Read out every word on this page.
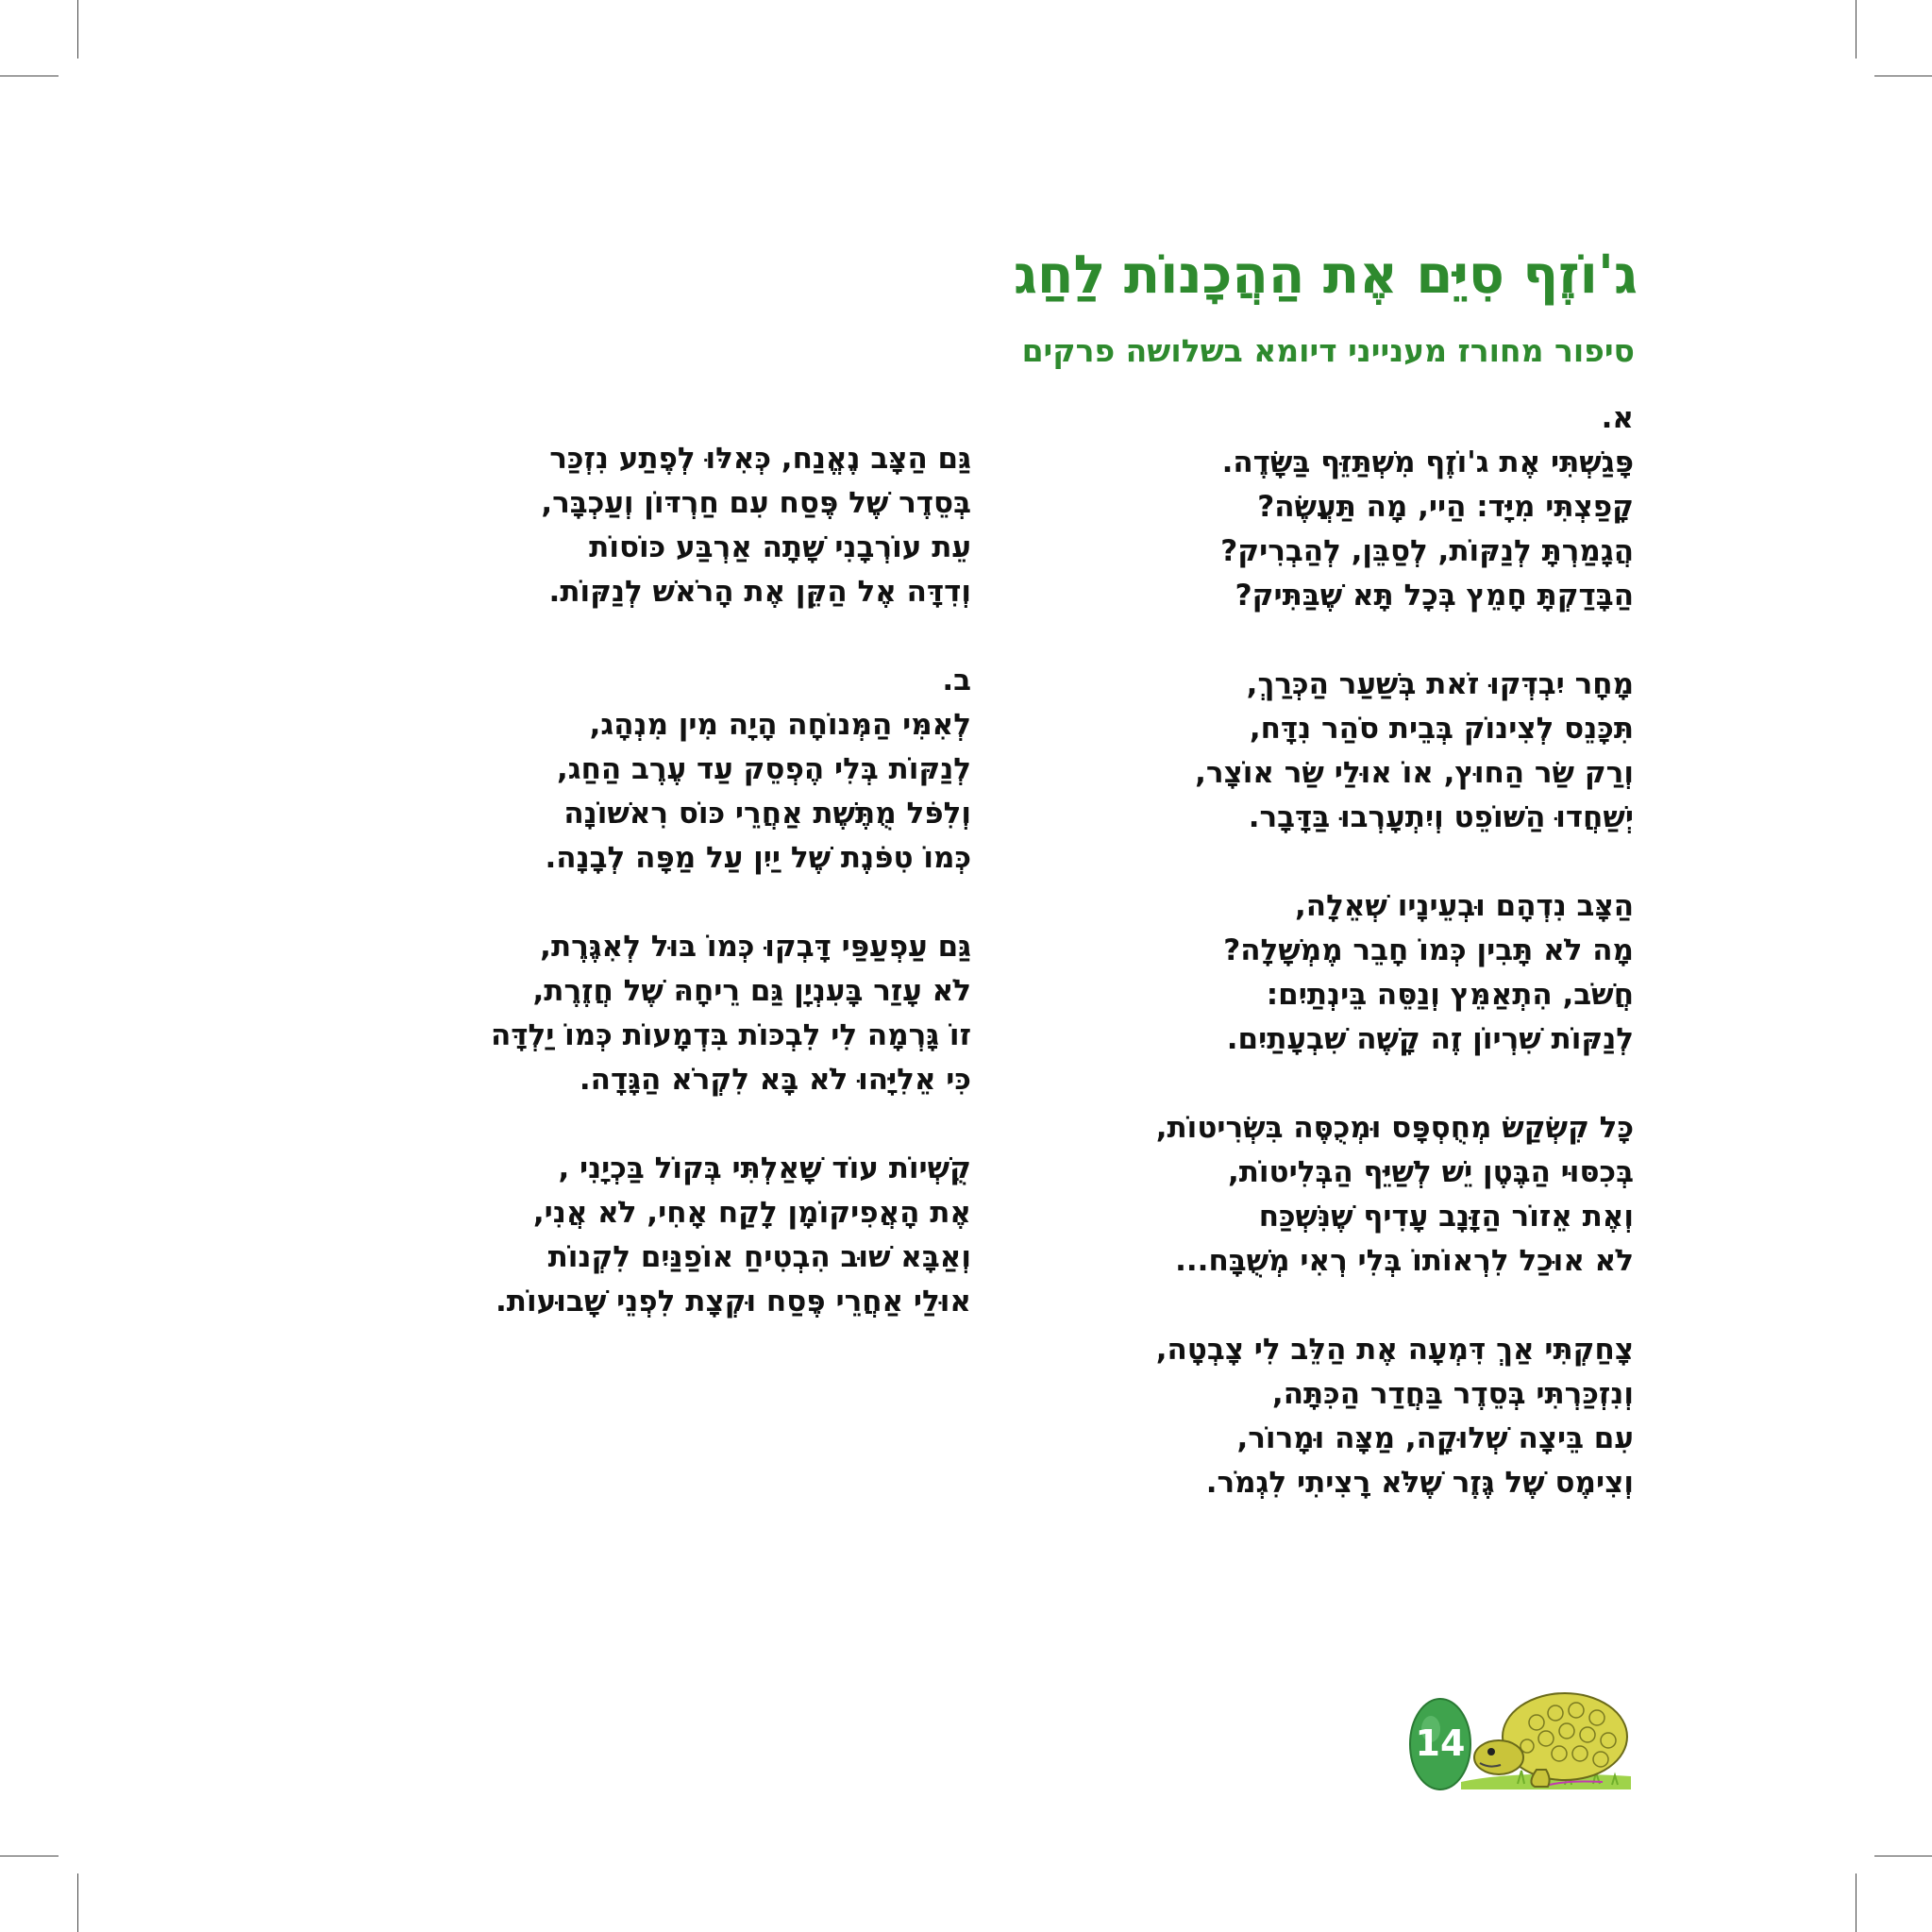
ג'וֹזֶף סִיֵּם אֶת הַהֲכָנוֹת לַחַג
סיפור מחורז מענייני דיומא בשלושה פרקים
א.
פָּגַשְׁתִּי אֶת ג'וֹזֶף מִשְׁתַּזֵּף בַּשָּׂדֶה.
קָפַצְתִּי מִיָּד: הַיי, מָה תַּעֲשֶׂה?
הֲגָמַרְתָּ לְנַקּוֹת, לְסַבֵּן, לְהַבְרִיק?
הַבָּדַקְתָּ חָמֵץ בְּכָל תָּא שֶׁבַּתִּיק?
מָחָר יִבְדְּקוּ זֹאת בְּשַׁעַר הַכְּרַךְ,
תִּכָּנֵס לְצִינוֹק בְּבֵית סֹהַר נִדָּח,
וְרַק שַׂר הַחוּץ, אוֹ אוּלַי שַׂר אוֹצָר,
יְשַׁחֲדוּ הַשּׁוֹפֵט וְיִתְעָרְבוּ בַּדָּבָר.
הַצָּב נִדְהָם וּבְעֵינָיו שְׁאֵלָה,
מָה לֹא תָּבִין כְּמוֹ חָבֵר מֶמְשָׁלָה?
חֲשֹׁב, הִתְאַמֵּץ וְנַסֵּה בֵּינְתַיִם:
לְנַקּוֹת שִׁרְיוֹן זֶה קָשֶׁה שִׁבְעָתַיִם.
כָּל קִשְׂקַשׂ מְחֻסְפָּס וּמְכֻסֶּה בִּשְׂרִיטוֹת,
בְּכִסּוּי הַבֶּטֶן יֵשׁ לְשַׁיֵּף הַבְּלִיטוֹת,
וְאֶת אֵזוֹר הַזָּנָב עָדִיף שֶׁנִּשְׁכַּח
לֹא אוּכַל לִרְאוֹתוֹ בְּלִי רְאִי מְשֻׁבָּח...
צָחַקְתִּי אַךְ דִּמְעָה אֶת הַלֵּב לִי צָבְטָה,
וְנִזְכַּרְתִּי בְּסֵדֶר בַּחֲדַר הַכִּתָּה,
עִם בֵּיצָה שְׁלוּקָה, מַצָּה וּמָרוֹר,
וְצִימֶס שֶׁל גֶּזֶר שֶׁלֹּא רָצִיתִי לִגְמֹר.
גַּם הַצָּב נֶאֱנַח, כְּאִלּוּ לְפֶתַע נִזְכַּר
בְּסֵדֶר שֶׁל פֶּסַח עִם חַרְדּוֹן וְעַכְבָּר,
עֵת עוֹרְבָנִי שָׁתָה אַרְבַּע כּוֹסוֹת
וְדִדָּה אֶל הַקֵּן אֶת הָרֹאשׁ לְנַקּוֹת.
ב.
לְאִמִּי הַמְּנוֹחָה הָיָה מִין מִנְהָג,
לְנַקּוֹת בְּלִי הֶפְסֵק עַד עֶרֶב הַחַג,
וְלִפֹּל מֻתֶּשֶׁת אַחֲרֵי כּוֹס רִאשׁוֹנָה
כְּמוֹ טִפֹּנֶת שֶׁל יַיִן עַל מַפָּה לְבָנָה.
גַּם עַפְעַפַּי דָּבְקוּ כְּמוֹ בּוּל לְאִגֶּרֶת,
לֹא עָזַר בָּעִנְיָן גַּם רֵיחָהּ שֶׁל חֲזֶרֶת,
זוֹ גָּרְמָה לִי לִבְכּוֹת בִּדְמָעוֹת כְּמוֹ יַלְדָּה
כִּי אֵלִיָּהוּ לֹא בָּא לִקְרֹא הַגָּדָה.
קֻשְׁיוֹת עוֹד שָׁאַלְתִּי בְּקוֹל בַּכְיָנִי ,
אֶת הָאֲפִיקוֹמָן לָקַח אָחִי, לֹא אֲנִי,
וְאַבָּא שׁוּב הִבְטִיחַ אוֹפַנַּיִם לִקְנוֹת
אוּלַי אַחֲרֵי פֶּסַח וּקְצָת לִפְנֵי שָׁבוּעוֹת.
14
